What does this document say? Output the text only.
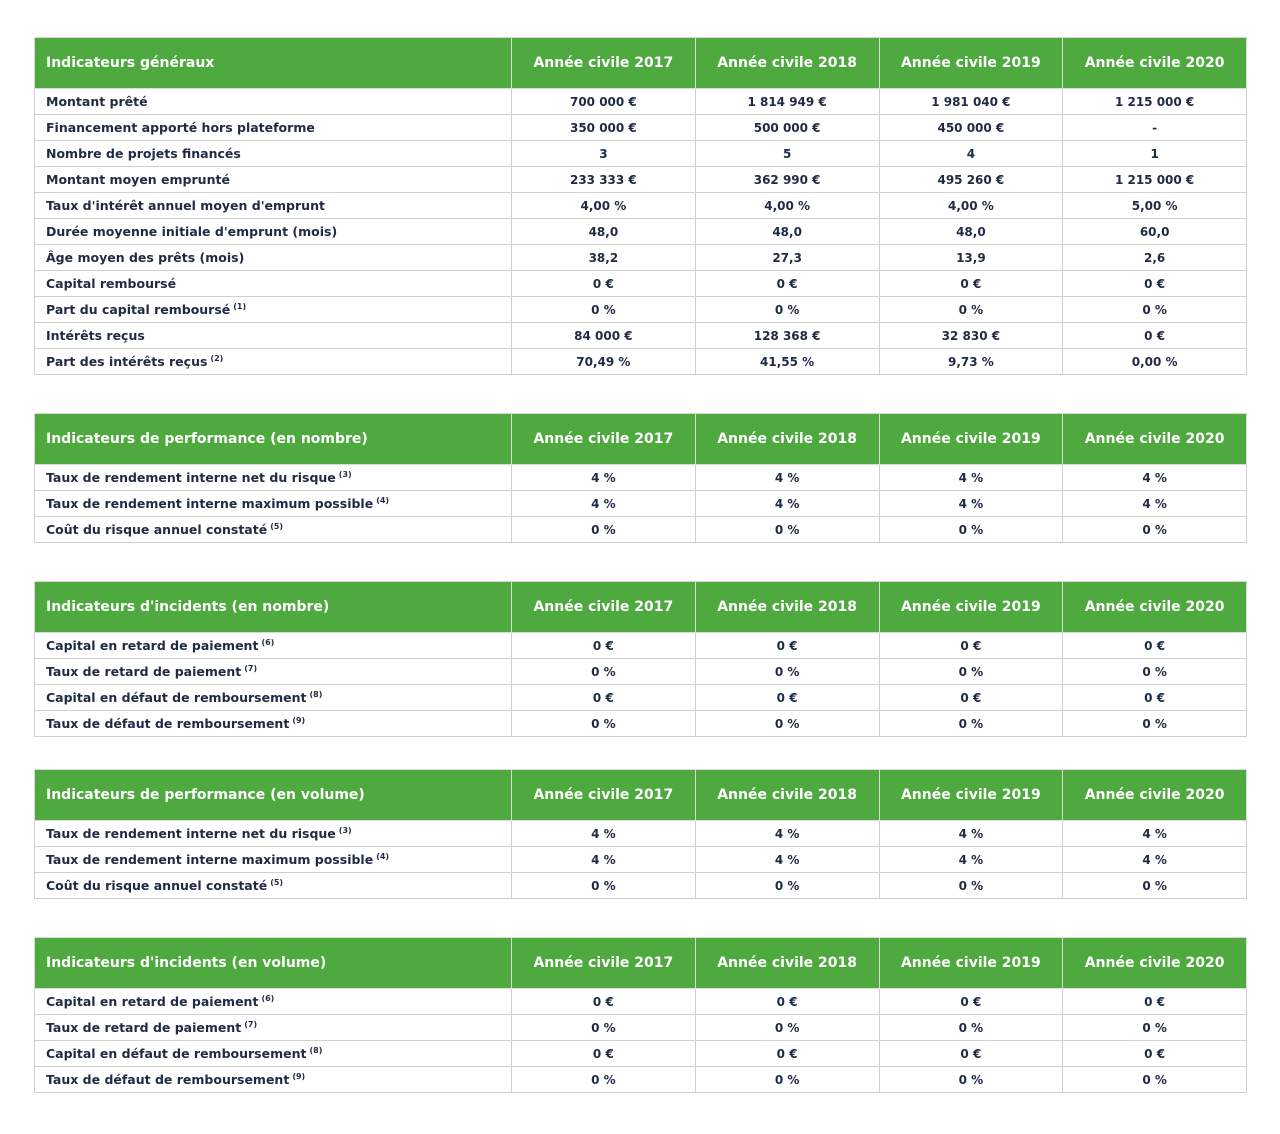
Indicateurs généraux	Année civile 2017	Année civile 2018	Année civile 2019	Année civile 2020
Montant prêté	700 000 €	1 814 949 €	1 981 040 €	1 215 000 €
Financement apporté hors plateforme	350 000 €	500 000 €	450 000 €	-
Nombre de projets financés	3	5	4	1
Montant moyen emprunté	233 333 €	362 990 €	495 260 €	1 215 000 €
Taux d'intérêt annuel moyen d'emprunt	4,00 %	4,00 %	4,00 %	5,00 %
Durée moyenne initiale d'emprunt (mois)	48,0	48,0	48,0	60,0
Âge moyen des prêts (mois)	38,2	27,3	13,9	2,6
Capital remboursé	0 €	0 €	0 €	0 €
Part du capital remboursé $^{(1)}$	0 %	0 %	0 %	0 %
Intérêts reçus	84 000 €	128 368 €	32 830 €	0 €
Part des intérêts reçus $^{(2)}$	70,49 %	41,55 %	9,73 %	0,00 %
Indicateurs de performance (en nombre)	Année civile 2017	Année civile 2018	Année civile 2019	Année civile 2020
Taux de rendement interne net du risque $^{(3)}$	4 %	4 %	4 %	4 %
Taux de rendement interne maximum possible $^{(4)}$	4 %	4 %	4 %	4 %
Coût du risque annuel constaté $^{(5)}$	0 %	0 %	0 %	0 %
Indicateurs d'incidents (en nombre)	Année civile 2017	Année civile 2018	Année civile 2019	Année civile 2020
Capital en retard de paiement $^{(6)}$	0 €	0 €	0 €	0 €
Taux de retard de paiement $^{(7)}$	0 %	0 %	0 %	0 %
Capital en défaut de remboursement $^{(8)}$	0 €	0 €	0 €	0 €
Taux de défaut de remboursement $^{(9)}$	0 %	0 %	0 %	0 %
Indicateurs de performance (en volume)	Année civile 2017	Année civile 2018	Année civile 2019	Année civile 2020
Taux de rendement interne net du risque $^{(3)}$	4 %	4 %	4 %	4 %
Taux de rendement interne maximum possible $^{(4)}$	4 %	4 %	4 %	4 %
Coût du risque annuel constaté $^{(5)}$	0 %	0 %	0 %	0 %
Indicateurs d'incidents (en volume)	Année civile 2017	Année civile 2018	Année civile 2019	Année civile 2020
Capital en retard de paiement $^{(6)}$	0 €	0 €	0 €	0 €
Taux de retard de paiement $^{(7)}$	0 %	0 %	0 %	0 %
Capital en défaut de remboursement $^{(8)}$	0 €	0 €	0 €	0 €
Taux de défaut de remboursement $^{(9)}$	0 %	0 %	0 %	0 %
